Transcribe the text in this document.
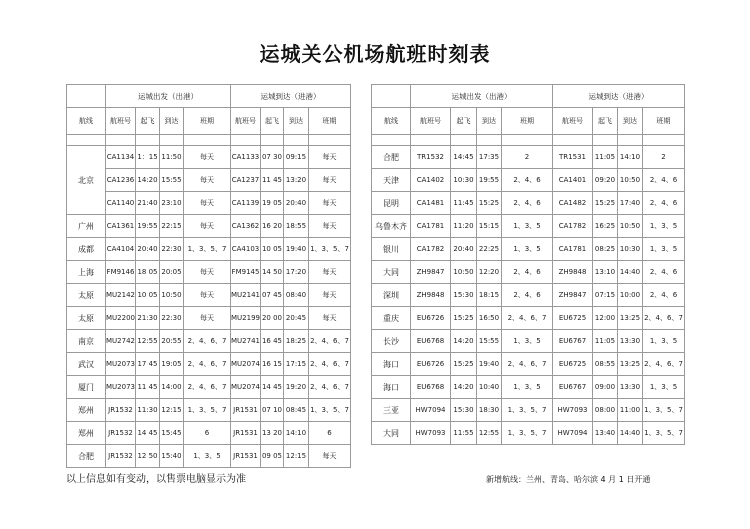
运城关公机场航班时刻表
	运城出发（出港）				运城到达（进港）			
航线	航班号	起飞	到达	班期	航班号	起飞	到达	班期

北京	CA1134	1：15	11:50	每天	CA1133	07 30	09:15	每天
	CA1236	14:20	15:55	每天	CA1237	11 45	13:20	每天
	CA1140	21:40	23:10	每天	CA1139	19 05	20:40	每天
广州	CA1361	19:55	22:15	每天	CA1362	16 20	18:55	每天
成都	CA4104	20:40	22:30	1、3、5、7	CA4103	10 05	19:40	1、3、5、7
上海	FM9146	18 05	20:05	每天	FM9145	14 50	17:20	每天
太原	MU2142	10 05	10:50	每天	MU2141	07 45	08:40	每天
太原	MU2200	21:30	22:30	每天	MU2199	20 00	20:45	每天
南京	MU2742	12:55	20:55	2、4、6、7	MU2741	16 45	18:25	2、4、6、7
武汉	MU2073	17 45	19:05	2、4、6、7	MU2074	16 15	17:15	2、4、6、7
厦门	MU2073	11 45	14:00	2、4、6、7	MU2074	14 45	19:20	2、4、6、7
郑州	JR1532	11:30	12:15	1、3、5、7	JR1531	07 10	08:45	1、3、5、7
郑州	JR1532	14 45	15:45	6	JR1531	13 20	14:10	6
合肥	JR1532	12 50	15:40	1、3、5	JR1531	09 05	12:15	每天
	运城出发（出港）				运城到达（进港）			
航线	航班号	起飞	到达	班期	航班号	起飞	到达	班期

合肥	TR1532	14:45	17:35	2	TR1531	11:05	14:10	2
天津	CA1402	10:30	19:55	2、4、6	CA1401	09:20	10:50	2、4、6
昆明	CA1481	11:45	15:25	2、4、6	CA1482	15:25	17:40	2、4、6
乌鲁木齐	CA1781	11:20	15:15	1、3、5	CA1782	16:25	10:50	1、3、5
银川	CA1782	20:40	22:25	1、3、5	CA1781	08:25	10:30	1、3、5
大同	ZH9847	10:50	12:20	2、4、6	ZH9848	13:10	14:40	2、4、6
深圳	ZH9848	15:30	18:15	2、4、6	ZH9847	07:15	10:00	2、4、6
重庆	EU6726	15:25	16:50	2、4、6、7	EU6725	12:00	13:25	2、4、6、7
长沙	EU6768	14:20	15:55	1、3、5	EU6767	11:05	13:30	1、3、5
海口	EU6726	15:25	19:40	2、4、6、7	EU6725	08:55	13:25	2、4、6、7
海口	EU6768	14:20	10:40	1、3、5	EU6767	09:00	13:30	1、3、5
三亚	HW7094	15:30	18:30	1、3、5、7	HW7093	08:00	11:00	1、3、5、7
大同	HW7093	11:55	12:55	1、3、5、7	HW7094	13:40	14:40	1、3、5、7
以上信息如有变动，以售票电脑显示为准	新增航线：兰州、青岛、哈尔滨 4 月 1 日开通
